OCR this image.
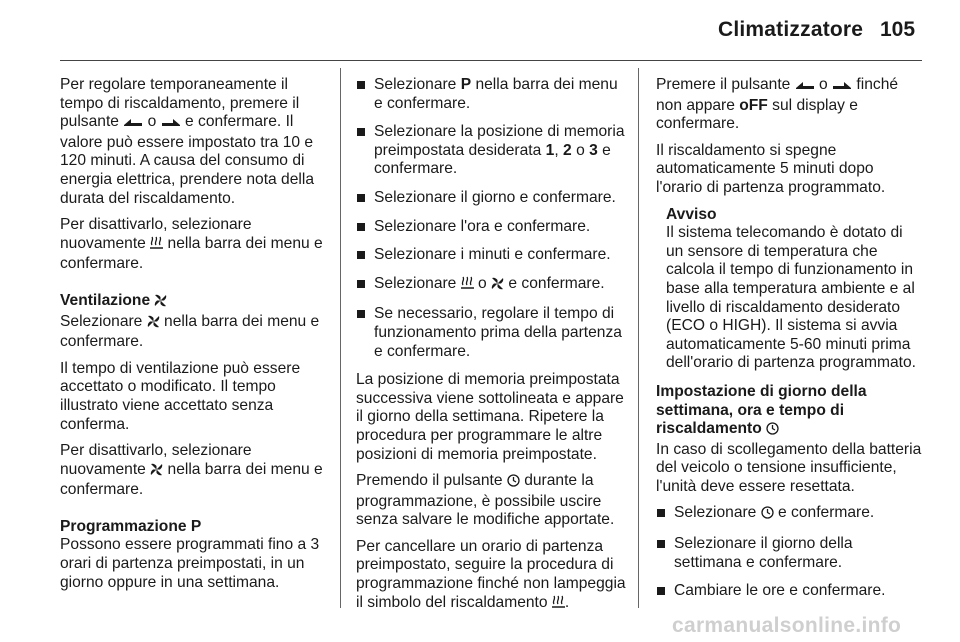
Climatizzatore 105

Per regolare temporaneamente il tempo di riscaldamento, premere il pulsante o e confermare. Il valore può essere impostato tra 10 e 120 minuti. A causa del consumo di energia elettrica, prendere nota della durata del riscaldamento.

Per disattivarlo, selezionare nuovamente nella barra dei menu e confermare.

Ventilazione

Selezionare nella barra dei menu e confermare.

Il tempo di ventilazione può essere accettato o modificato. Il tempo illustrato viene accettato senza conferma.

Per disattivarlo, selezionare nuovamente nella barra dei menu e confermare.

Programmazione P

Possono essere programmati fino a 3 orari di partenza preimpostati, in un giorno oppure in una settimana.

Selezionare P nella barra dei menu e confermare.
Selezionare la posizione di memoria preimpostata desiderata 1, 2 o 3 e confermare.
Selezionare il giorno e confermare.
Selezionare l'ora e confermare.
Selezionare i minuti e confermare.
Selezionare o e confermare.
Se necessario, regolare il tempo di funzionamento prima della partenza e confermare.

La posizione di memoria preimpostata successiva viene sottolineata e appare il giorno della settimana. Ripetere la procedura per programmare le altre posizioni di memoria preimpostate.

Premendo il pulsante durante la programmazione, è possibile uscire senza salvare le modifiche apportate.

Per cancellare un orario di partenza preimpostato, seguire la procedura di programmazione finché non lampeggia il simbolo del riscaldamento .

Premere il pulsante o finché non appare oFF sul display e confermare.

Il riscaldamento si spegne automaticamente 5 minuti dopo l'orario di partenza programmato.

Avviso
Il sistema telecomando è dotato di un sensore di temperatura che calcola il tempo di funzionamento in base alla temperatura ambiente e al livello di riscaldamento desiderato (ECO o HIGH). Il sistema si avvia automaticamente 5-60 minuti prima dell'orario di partenza programmato.
Impostazione di giorno della settimana, ora e tempo di riscaldamento

In caso di scollegamento della batteria del veicolo o tensione insufficiente, l'unità deve essere resettata.

Selezionare e confermare.
Selezionare il giorno della settimana e confermare.
Cambiare le ore e confermare.
carmanualsonline.info
